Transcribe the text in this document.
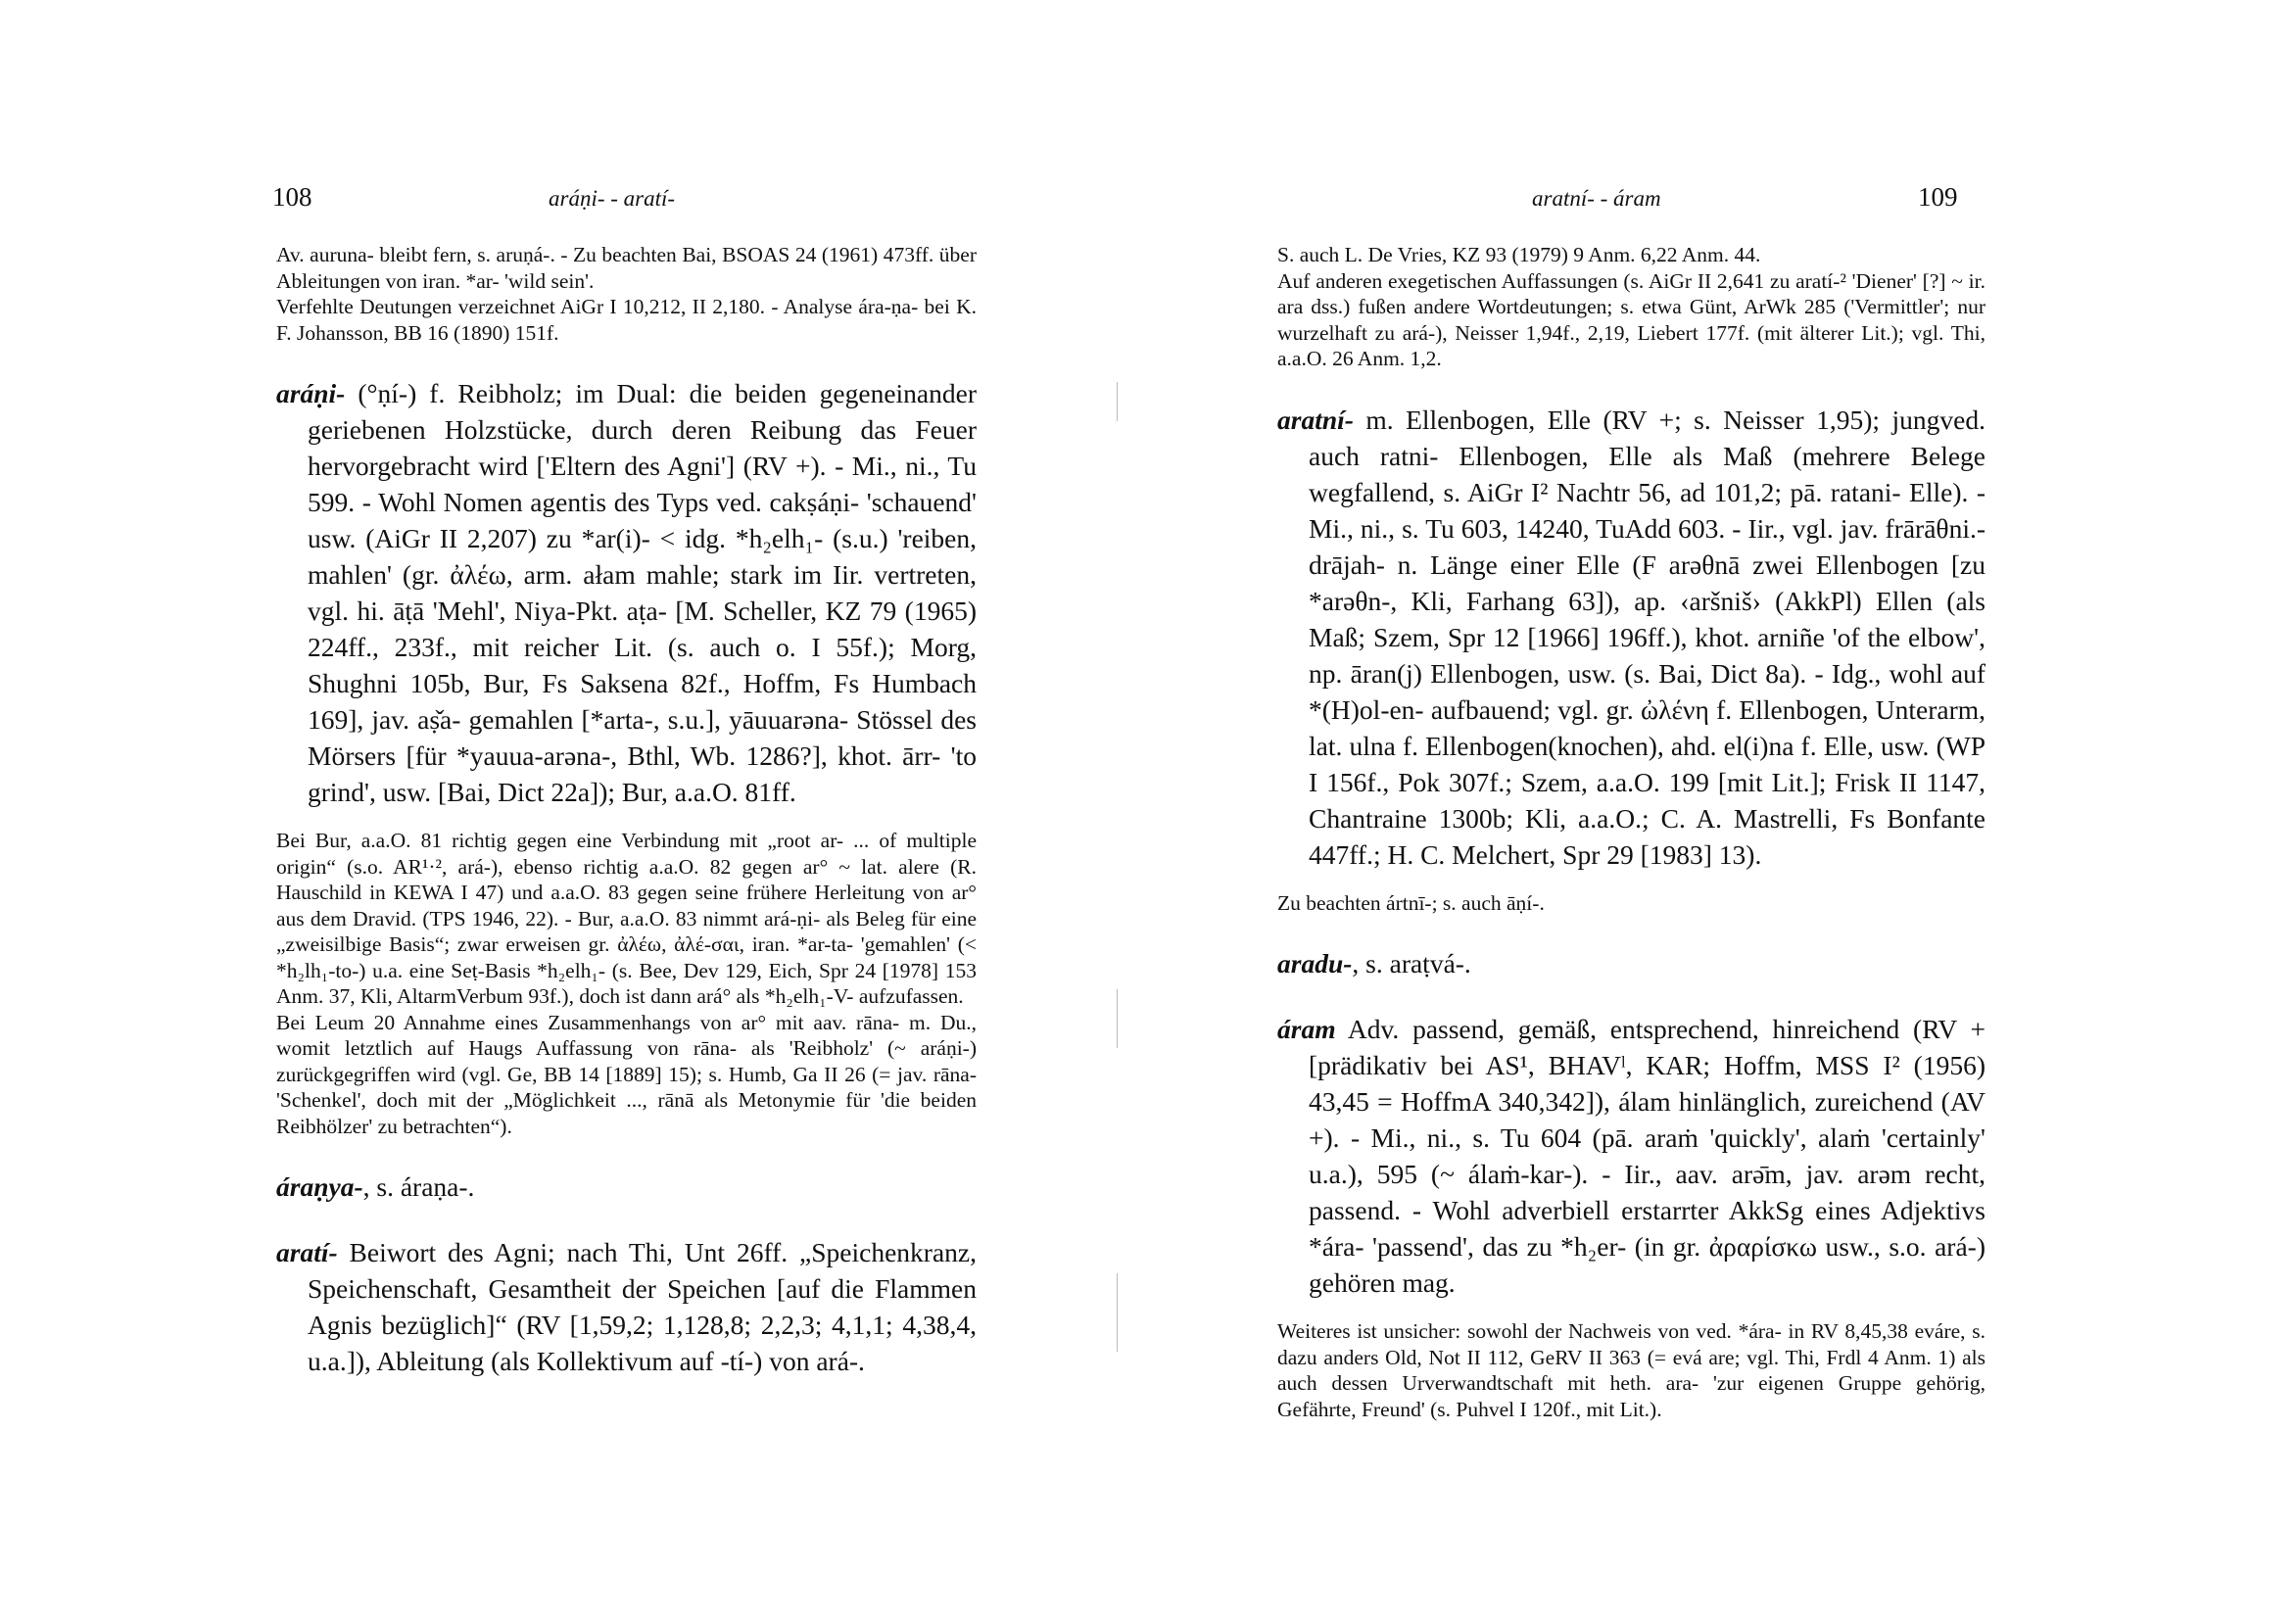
108	aráṇi- - aratí-

Av. auruna- bleibt fern, s. aruṇá-. - Zu beachten Bai, BSOAS 24 (1961) 473ff. über Ableitungen von iran. *ar- 'wild sein'.

Verfehlte Deutungen verzeichnet AiGr I 10,212, II 2,180. - Analyse ára-ṇa- bei K. F. Johansson, BB 16 (1890) 151f.

aráṇi- (°ṇí-) f. Reibholz; im Dual: die beiden gegeneinander geriebenen Holzstücke, durch deren Reibung das Feuer hervorgebracht wird ['Eltern des Agni'] (RV +). - Mi., ni., Tu 599. - Wohl Nomen agentis des Typs ved. cakṣáṇi- 'schauend' usw. (AiGr II 2,207) zu *ar(i)- < idg. *h₂elh₁- (s.u.) 'reiben, mahlen' (gr. ἀλέω, arm. ałam mahle; stark im Iir. vertreten, vgl. hi. āṭā 'Mehl', Niya-Pkt. aṭa- [M. Scheller, KZ 79 (1965) 224ff., 233f., mit reicher Lit. (s. auch o. I 55f.); Morg, Shughni 105b, Bur, Fs Saksena 82f., Hoffm, Fs Humbach 169], jav. aṣ̌a- gemahlen [*arta-, s.u.], yāuuarəna- Stössel des Mörsers [für *yauua-arəna-, Bthl, Wb. 1286?], khot. ārr- 'to grind', usw. [Bai, Dict 22a]); Bur, a.a.O. 81ff.

Bei Bur, a.a.O. 81 richtig gegen eine Verbindung mit „root ar- ... of multiple origin“ (s.o. AR¹·², ará-), ebenso richtig a.a.O. 82 gegen ar° ~ lat. alere (R. Hauschild in KEWA I 47) und a.a.O. 83 gegen seine frühere Herleitung von ar° aus dem Dravid. (TPS 1946, 22). - Bur, a.a.O. 83 nimmt ará-ṇi- als Beleg für eine „zweisilbige Basis“; zwar erweisen gr. ἀλέω, ἀλέ-σαι, iran. *ar-ta- 'gemahlen' (< *h₂lh₁-to-) u.a. eine Seṭ-Basis *h₂elh₁- (s. Bee, Dev 129, Eich, Spr 24 [1978] 153 Anm. 37, Kli, AltarmVerbum 93f.), doch ist dann ará° als *h₂elh₁-V- aufzufassen.

Bei Leum 20 Annahme eines Zusammenhangs von ar° mit aav. rāna- m. Du., womit letztlich auf Haugs Auffassung von rāna- als 'Reibholz' (~ aráṇi-) zurückgegriffen wird (vgl. Ge, BB 14 [1889] 15); s. Humb, Ga II 26 (= jav. rāna- 'Schenkel', doch mit der „Möglichkeit ..., rānā als Metonymie für 'die beiden Reibhölzer' zu betrachten“).

áraṇya-, s. áraṇa-.

aratí- Beiwort des Agni; nach Thi, Unt 26ff. „Speichenkranz, Speichenschaft, Gesamtheit der Speichen [auf die Flammen Agnis bezüglich]“ (RV [1,59,2; 1,128,8; 2,2,3; 4,1,1; 4,38,4, u.a.]), Ableitung (als Kollektivum auf -tí-) von ará-.

aratní- - áram	109

S. auch L. De Vries, KZ 93 (1979) 9 Anm. 6,22 Anm. 44.

Auf anderen exegetischen Auffassungen (s. AiGr II 2,641 zu aratí-² 'Diener' [?] ~ ir. ara dss.) fußen andere Wortdeutungen; s. etwa Günt, ArWk 285 ('Vermittler'; nur wurzelhaft zu ará-), Neisser 1,94f., 2,19, Liebert 177f. (mit älterer Lit.); vgl. Thi, a.a.O. 26 Anm. 1,2.

aratní- m. Ellenbogen, Elle (RV +; s. Neisser 1,95); jungved. auch ratni- Ellenbogen, Elle als Maß (mehrere Belege wegfallend, s. AiGr I² Nachtr 56, ad 101,2; pā. ratani- Elle). - Mi., ni., s. Tu 603, 14240, TuAdd 603. - Iir., vgl. jav. frārāθni.-drājah- n. Länge einer Elle (F arəθnā zwei Ellenbogen [zu *arəθn-, Kli, Farhang 63]), ap. ‹aršniš› (AkkPl) Ellen (als Maß; Szem, Spr 12 [1966] 196ff.), khot. arniñe 'of the elbow', np. āran(j) Ellenbogen, usw. (s. Bai, Dict 8a). - Idg., wohl auf *(H)ol-en- aufbauend; vgl. gr. ὠλένη f. Ellenbogen, Unterarm, lat. ulna f. Ellenbogen(knochen), ahd. el(i)na f. Elle, usw. (WP I 156f., Pok 307f.; Szem, a.a.O. 199 [mit Lit.]; Frisk II 1147, Chantraine 1300b; Kli, a.a.O.; C. A. Mastrelli, Fs Bonfante 447ff.; H. C. Melchert, Spr 29 [1983] 13).

Zu beachten ártnī-; s. auch āṇí-.

aradu-, s. araṭvá-.

áram Adv. passend, gemäß, entsprechend, hinreichend (RV + [prädikativ bei AS¹, BHAVˡ, KAR; Hoffm, MSS I² (1956) 43,45 = HoffmA 340,342]), álam hinlänglich, zureichend (AV +). - Mi., ni., s. Tu 604 (pā. araṁ 'quickly', alaṁ 'certainly' u.a.), 595 (~ álaṁ-kar-). - Iir., aav. arə̄m, jav. arəm recht, passend. - Wohl adverbiell erstarrter AkkSg eines Adjektivs *ára- 'passend', das zu *h₂er- (in gr. ἀραρίσκω usw., s.o. ará-) gehören mag.

Weiteres ist unsicher: sowohl der Nachweis von ved. *ára- in RV 8,45,38 eváre, s. dazu anders Old, Not II 112, GeRV II 363 (= evá are; vgl. Thi, Frdl 4 Anm. 1) als auch dessen Urverwandtschaft mit heth. ara- 'zur eigenen Gruppe gehörig, Gefährte, Freund' (s. Puhvel I 120f., mit Lit.).
